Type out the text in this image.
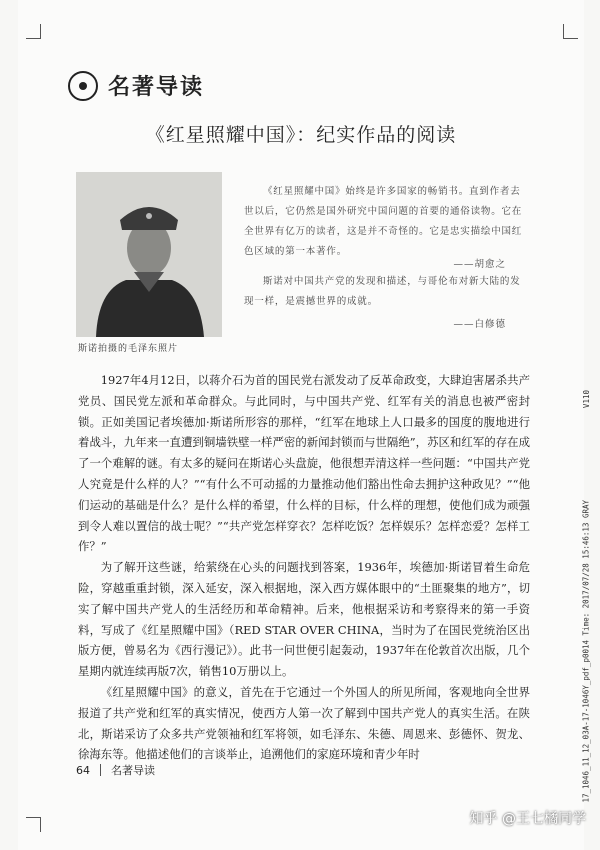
名著导读
《红星照耀中国》：纪实作品的阅读
斯诺拍摄的毛泽东照片
《红星照耀中国》始终是许多国家的畅销书。直到作者去世以后，它仍然是国外研究中国问题的首要的通俗读物。它在全世界有亿万的读者，这是并不奇怪的。它是忠实描绘中国红色区域的第一本著作。
——胡愈之
斯诺对中国共产党的发现和描述，与哥伦布对新大陆的发现一样，是震撼世界的成就。
——白修德

1927年4月12日，以蒋介石为首的国民党右派发动了反革命政变，大肆迫害屠杀共产党员、国民党左派和革命群众。与此同时，与中国共产党、红军有关的消息也被严密封锁。正如美国记者埃德加·斯诺所形容的那样，“红军在地球上人口最多的国度的腹地进行着战斗，九年来一直遭到铜墙铁壁一样严密的新闻封锁而与世隔绝”，苏区和红军的存在成了一个难解的谜。有太多的疑问在斯诺心头盘旋，他很想弄清这样一些问题：“中国共产党人究竟是什么样的人？”“有什么不可动摇的力量推动他们豁出性命去拥护这种政见？”“他们运动的基础是什么？是什么样的希望，什么样的目标，什么样的理想，使他们成为顽强到令人难以置信的战士呢？”“共产党怎样穿衣？怎样吃饭？怎样娱乐？怎样恋爱？怎样工作？”

为了解开这些谜，给萦绕在心头的问题找到答案，1936年，埃德加·斯诺冒着生命危险，穿越重重封锁，深入延安，深入根据地，深入西方媒体眼中的“土匪聚集的地方”，切实了解中国共产党人的生活经历和革命精神。后来，他根据采访和考察得来的第一手资料，写成了《红星照耀中国》（RED STAR OVER CHINA，当时为了在国民党统治区出版方便，曾易名为《西行漫记》）。此书一问世便引起轰动，1937年在伦敦首次出版，几个星期内就连续再版7次，销售10万册以上。

《红星照耀中国》的意义，首先在于它通过一个外国人的所见所闻，客观地向全世界报道了共产党和红军的真实情况，使西方人第一次了解到中国共产党人的真实生活。在陕北，斯诺采访了众多共产党领袖和红军将领，如毛泽东、朱德、周恩来、彭德怀、贺龙、徐海东等。他描述他们的言谈举止，追溯他们的家庭环境和青少年时

64 名著导读
V110
17_1046_11_12_03A-17-1046Y_pdf_p0014 Time: 2017/07/28 15:46:13 GRAY
知乎 @王七橘同学
